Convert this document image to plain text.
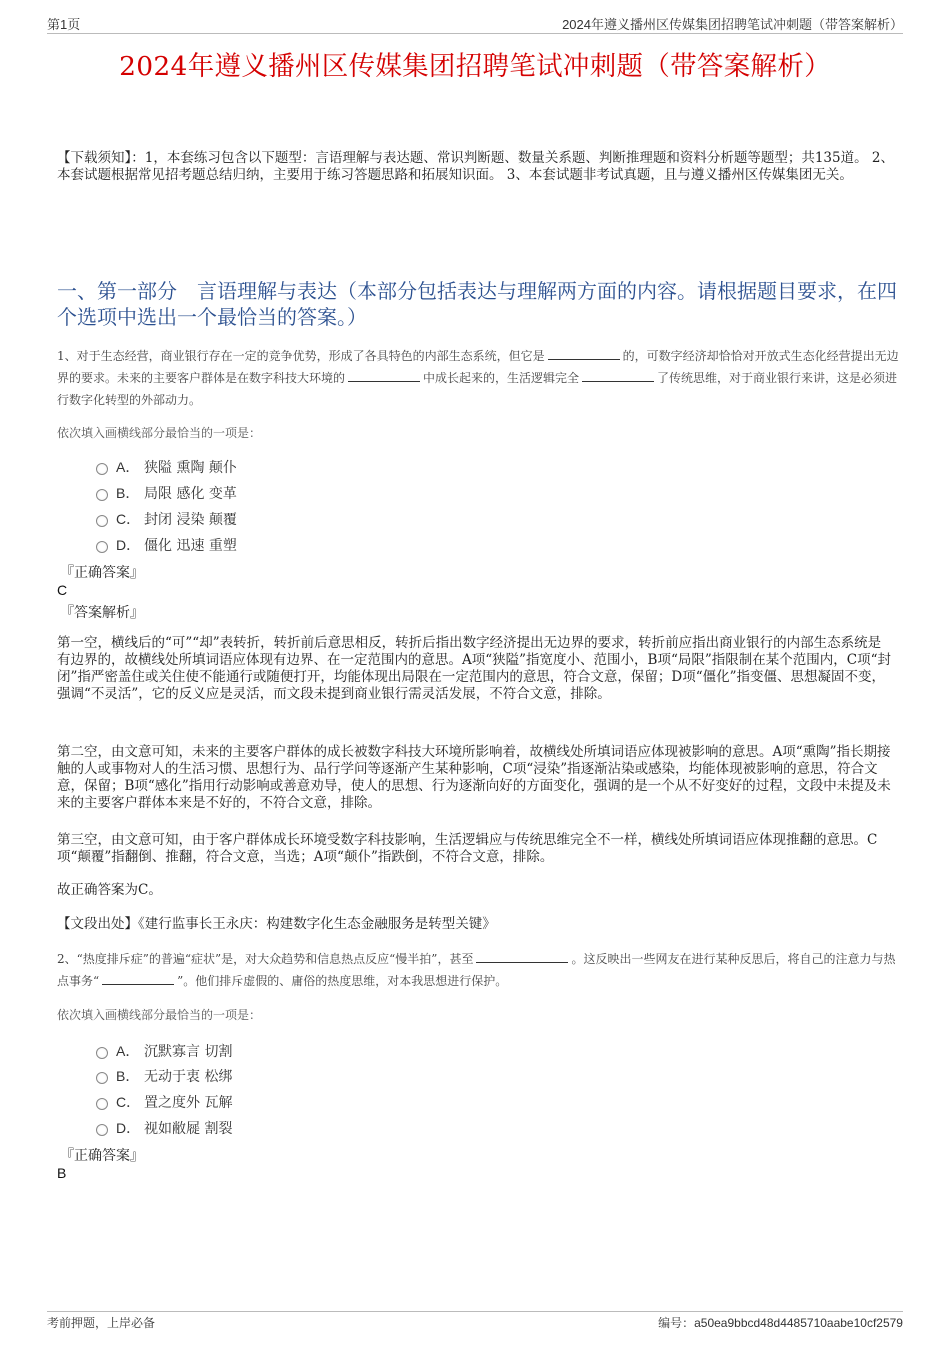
第1页	2024年遵义播州区传媒集团招聘笔试冲刺题（带答案解析）
2024年遵义播州区传媒集团招聘笔试冲刺题（带答案解析）
【下载须知】：1，本套练习包含以下题型：言语理解与表达题、常识判断题、数量关系题、判断推理题和资料分析题等题型；共135道。 2、本套试题根据常见招考题总结归纳，主要用于练习答题思路和拓展知识面。 3、本套试题非考试真题，且与遵义播州区传媒集团无关。
一、第一部分　言语理解与表达（本部分包括表达与理解两方面的内容。请根据题目要求，在四个选项中选出一个最恰当的答案。）
1、对于生态经营，商业银行存在一定的竞争优势，形成了各具特色的内部生态系统，但它是	的，可数字经济却恰恰对开放式生态化经营提出无边界的要求。未来的主要客户群体是在数字科技大环境的	中成长起来的，生活逻辑完全	了传统思维，对于商业银行来讲，这是必须进行数字化转型的外部动力。
依次填入画横线部分最恰当的一项是：
A． 狭隘 熏陶 颠仆
B． 局限 感化 变革
C． 封闭 浸染 颠覆
D． 僵化 迅速 重塑
『正确答案』
C
『答案解析』
第一空，横线后的“可”“却”表转折，转折前后意思相反，转折后指出数字经济提出无边界的要求，转折前应指出商业银行的内部生态系统是有边界的，故横线处所填词语应体现有边界、在一定范围内的意思。A项“狭隘”指宽度小、范围小，B项“局限”指限制在某个范围内，C项“封闭”指严密盖住或关住使不能通行或随便打开，均能体现出局限在一定范围内的意思，符合文意，保留；D项“僵化”指变僵、思想凝固不变，强调“不灵活”，它的反义应是灵活，而文段未提到商业银行需灵活发展，不符合文意，排除。
第二空，由文意可知，未来的主要客户群体的成长被数字科技大环境所影响着，故横线处所填词语应体现被影响的意思。A项“熏陶”指长期接触的人或事物对人的生活习惯、思想行为、品行学问等逐渐产生某种影响，C项“浸染”指逐渐沾染或感染，均能体现被影响的意思，符合文意，保留；B项“感化”指用行动影响或善意劝导，使人的思想、行为逐渐向好的方面变化，强调的是一个从不好变好的过程，文段中未提及未来的主要客户群体本来是不好的，不符合文意，排除。
第三空，由文意可知，由于客户群体成长环境受数字科技影响，生活逻辑应与传统思维完全不一样，横线处所填词语应体现推翻的意思。C项“颠覆”指翻倒、推翻，符合文意，当选；A项“颠仆”指跌倒，不符合文意，排除。
故正确答案为C。
【文段出处】《建行监事长王永庆：构建数字化生态金融服务是转型关键》
2、“热度排斥症”的普遍“症状”是，对大众趋势和信息热点反应“慢半拍”，甚至	。这反映出一些网友在进行某种反思后，将自己的注意力与热点事务“	”。他们排斥虚假的、庸俗的热度思维，对本我思想进行保护。
依次填入画横线部分最恰当的一项是：
A． 沉默寡言 切割
B． 无动于衷 松绑
C． 置之度外 瓦解
D． 视如敝屣 割裂
『正确答案』
B
考前押题，上岸必备	编号：a50ea9bbcd48d4485710aabe10cf2579
